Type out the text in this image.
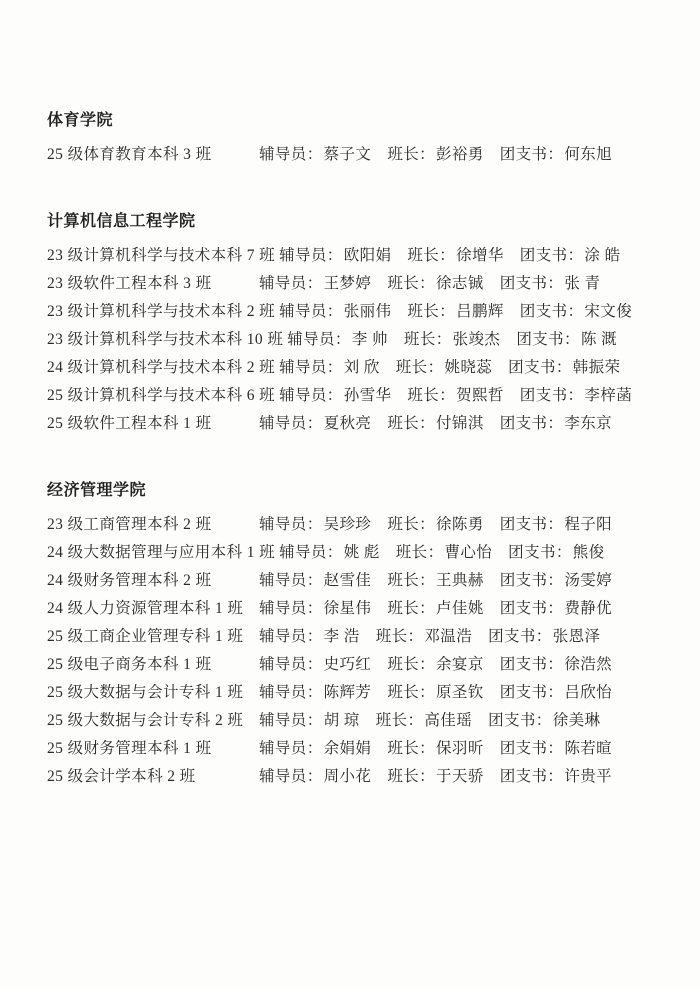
体育学院
25 级体育教育本科 3 班	辅导员：蔡子文 班长：彭裕勇 团支书：何东旭
计算机信息工程学院
23 级计算机科学与技术本科 7 班 辅导员：欧阳娟 班长：徐增华 团支书：涂 皓
23 级软件工程本科 3 班	辅导员：王梦婷 班长：徐志铖 团支书：张 青
23 级计算机科学与技术本科 2 班 辅导员：张丽伟 班长：吕鹏辉 团支书：宋文俊
23 级计算机科学与技术本科 10 班 辅导员：李 帅 班长：张竣杰 团支书：陈 溉
24 级计算机科学与技术本科 2 班 辅导员：刘 欣 班长：姚晓蕊 团支书：韩振荣
25 级计算机科学与技术本科 6 班 辅导员：孙雪华 班长：贺熙哲 团支书：李梓菡
25 级软件工程本科 1 班	辅导员：夏秋亮 班长：付锦淇 团支书：李东京
经济管理学院
23 级工商管理本科 2 班	辅导员：吴珍珍 班长：徐陈勇 团支书：程子阳
24 级大数据管理与应用本科 1 班 辅导员：姚 彪 班长：曹心怡 团支书：熊俊
24 级财务管理本科 2 班	辅导员：赵雪佳 班长：王典赫 团支书：汤雯婷
24 级人力资源管理本科 1 班 辅导员：徐星伟 班长：卢佳姚 团支书：费静优
25 级工商企业管理专科 1 班 辅导员：李 浩 班长：邓温浩 团支书：张恩泽
25 级电子商务本科 1 班	辅导员：史巧红 班长：余宴京 团支书：徐浩然
25 级大数据与会计专科 1 班 辅导员：陈辉芳 班长：原圣钦 团支书：吕欣怡
25 级大数据与会计专科 2 班 辅导员：胡 琼 班长：高佳瑶 团支书：徐美琳
25 级财务管理本科 1 班	辅导员：余娟娟 班长：保羽昕 团支书：陈若暄
25 级会计学本科 2 班	辅导员：周小花 班长：于天骄 团支书：许贵平
